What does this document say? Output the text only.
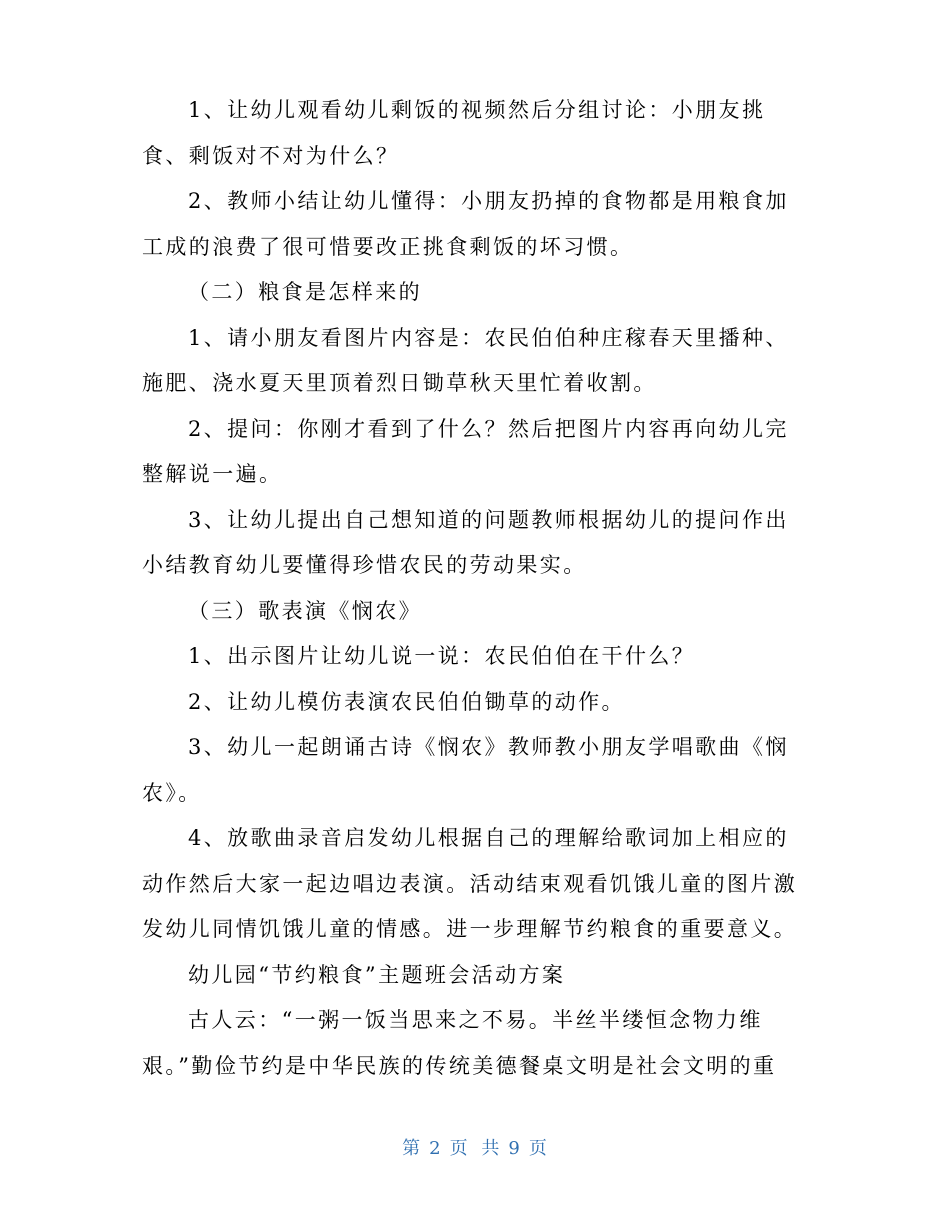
1、让幼儿观看幼儿剩饭的视频然后分组讨论：小朋友挑食、剩饭对不对为什么？

2、教师小结让幼儿懂得：小朋友扔掉的食物都是用粮食加工成的浪费了很可惜要改正挑食剩饭的坏习惯。

（二）粮食是怎样来的

1、请小朋友看图片内容是：农民伯伯种庄稼春天里播种、施肥、浇水夏天里顶着烈日锄草秋天里忙着收割。

2、提问：你刚才看到了什么？然后把图片内容再向幼儿完整解说一遍。

3、让幼儿提出自己想知道的问题教师根据幼儿的提问作出小结教育幼儿要懂得珍惜农民的劳动果实。

（三）歌表演《悯农》

1、出示图片让幼儿说一说：农民伯伯在干什么？

2、让幼儿模仿表演农民伯伯锄草的动作。

3、幼儿一起朗诵古诗《悯农》教师教小朋友学唱歌曲《悯农》。

4、放歌曲录音启发幼儿根据自己的理解给歌词加上相应的动作然后大家一起边唱边表演。活动结束观看饥饿儿童的图片激发幼儿同情饥饿儿童的情感。进一步理解节约粮食的重要意义。

幼儿园“节约粮食”主题班会活动方案

古人云：“一粥一饭当思来之不易。半丝半缕恒念物力维艰。”勤俭节约是中华民族的传统美德餐桌文明是社会文明的重

第 2 页 共 9 页
